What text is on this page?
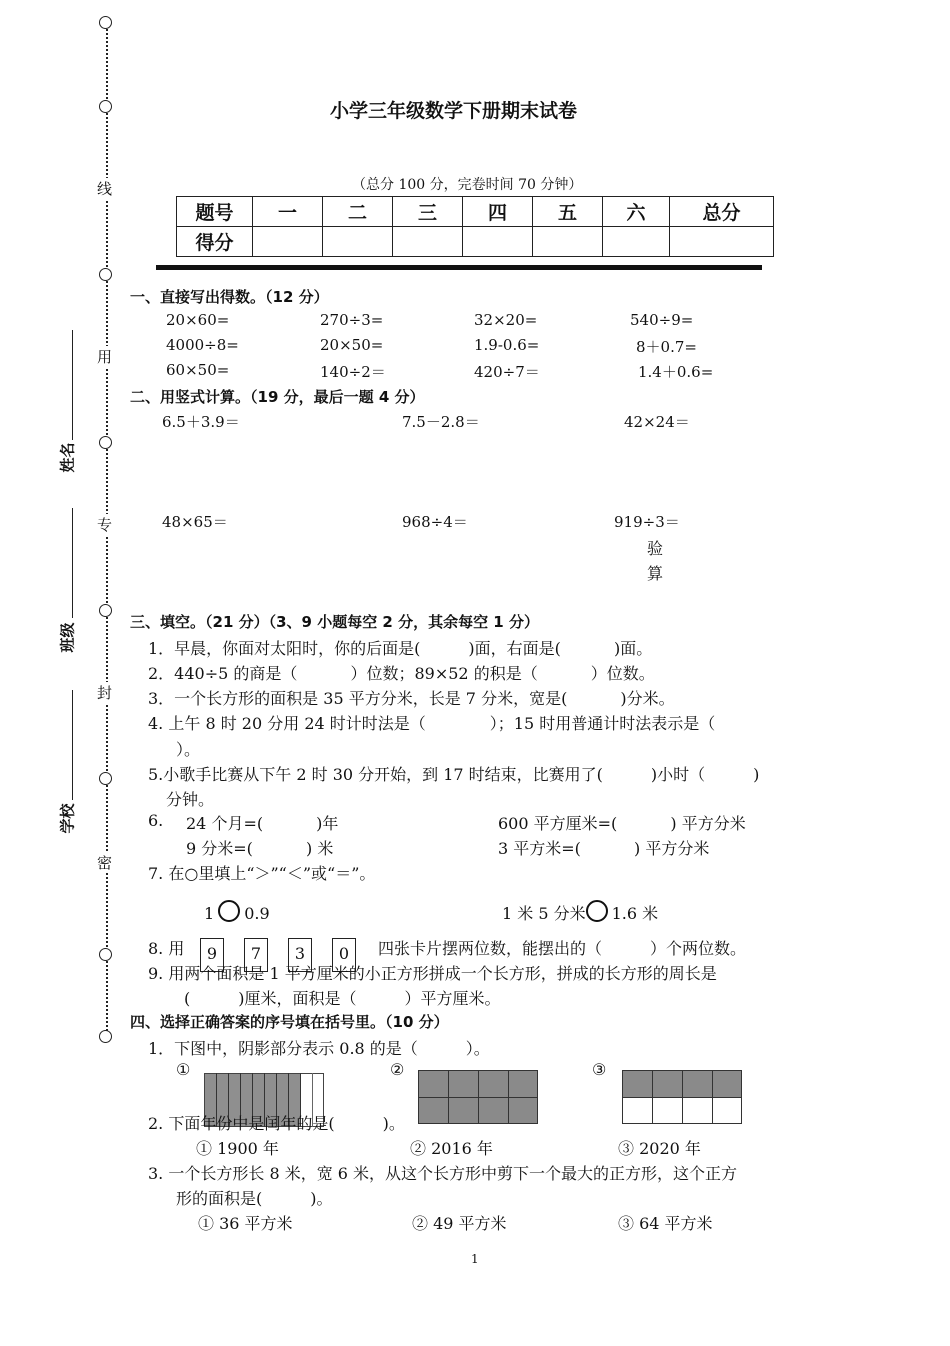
线
用
专
封
密
姓名
班级
学校
小学三年级数学下册期末试卷
（总分 100 分，完卷时间 70 分钟）
题号	一	二	三	四	五	六	总分
得分							
一、直接写出得数。（12 分）
20×60=	270÷3=	32×20=	540÷9=
4000÷8=	20×50=	1.9-0.6=	8＋0.7=
60×50=	140÷2＝	420÷7＝	1.4＋0.6=
二、用竖式计算。（19 分，最后一题 4 分）
6.5＋3.9＝	7.5－2.8＝	42×24＝
48×65＝	968÷4＝	919÷3＝
验
算
三、填空。（21 分）（3、9 小题每空 2 分，其余每空 1 分）
1．早晨，你面对太阳时，你的后面是(　　　)面，右面是(　　　 )面。
2．440÷5 的商是（　　　 ）位数；89×52 的积是（　　　 ）位数。
3．一个长方形的面积是 35 平方分米，长是 7 分米，宽是(　　　 )分米。
4. 上午 8 时 20 分用 24 时计时法是（　　　　）；15 时用普通计时法表示是（
）。
5.小歌手比赛从下午 2 时 30 分开始，到 17 时结束，比赛用了(　　　)小时（　　　)
分钟。
6. 24 个月=(　　　 )年	600 平方厘米=(　　　 ) 平方分米
9 分米=(　　　 ) 米	3 平方米=(　　　 ) 平方分米
7. 在○里填上“＞”“＜”或“＝”。
1 0.9	1 米 5 分米 1.6 米
8. 用	9	7	3	0	四张卡片摆两位数，能摆出的（　　　）个两位数。
9. 用两个面积是 1 平方厘米的小正方形拼成一个长方形，拼成的长方形的周长是
(　　　)厘米，面积是（　　　）平方厘米。
四、选择正确答案的序号填在括号里。（10 分）
1．下图中，阴影部分表示 0.8 的是（　　　）。
①	②	③
2. 下面年份中是闰年的是(　　　)。
① 1900 年	② 2016 年	③ 2020 年
3. 一个长方形长 8 米，宽 6 米，从这个长方形中剪下一个最大的正方形，这个正方
形的面积是(　　　)。
① 36 平方米	② 49 平方米	③ 64 平方米
1
